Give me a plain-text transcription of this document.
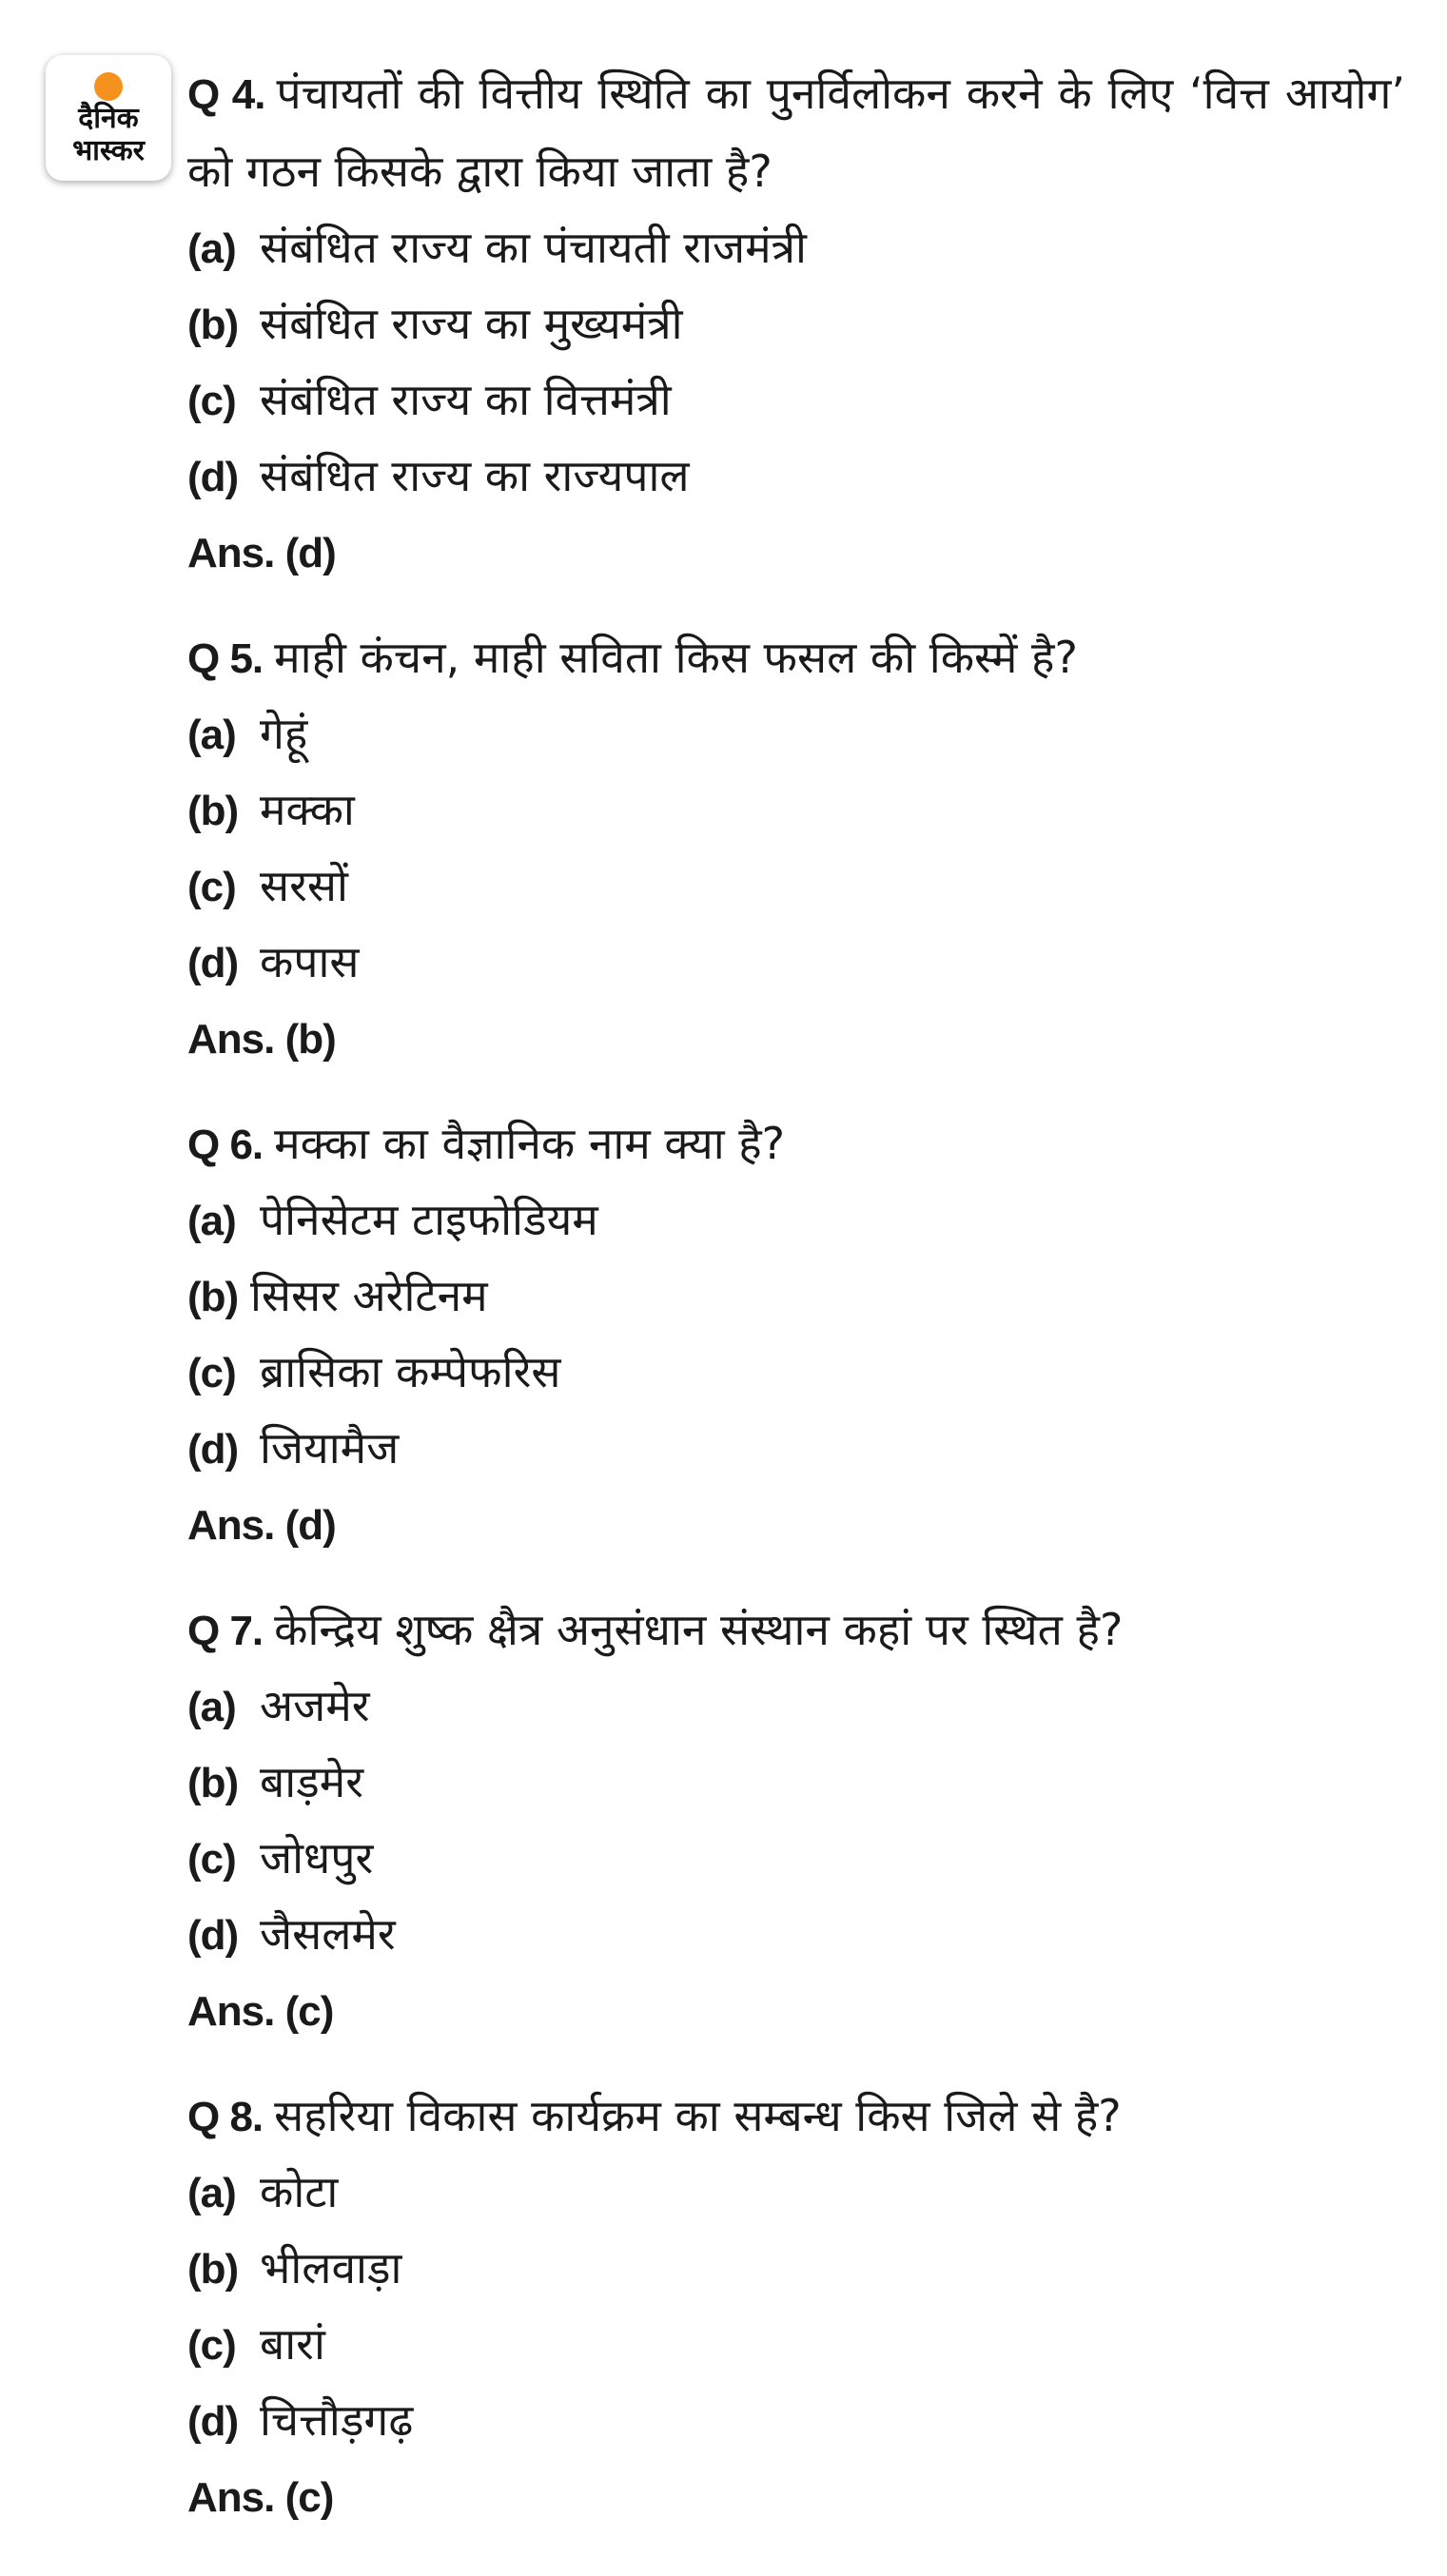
दैनिक
भास्कर
Q 4. पंचायतों की वित्तीय स्थिति का पुनर्विलोकन करने के लिए ‘वित्त आयोग’ को गठन किसके द्वारा किया जाता है?
(a) संबंधित राज्य का पंचायती राजमंत्री
(b) संबंधित राज्य का मुख्यमंत्री
(c) संबंधित राज्य का वित्तमंत्री
(d) संबंधित राज्य का राज्यपाल
Ans. (d)
Q 5. माही कंचन, माही सविता किस फसल की किस्में है?
(a) गेहूं
(b) मक्का
(c) सरसों
(d) कपास
Ans. (b)
Q 6. मक्का का वैज्ञानिक नाम क्या है?
(a) पेनिसेटम टाइफोडियम
(b) सिसर अरेटिनम
(c) ब्रासिका कम्पेफरिस
(d) जियामैज
Ans. (d)
Q 7. केन्द्रिय शुष्क क्षैत्र अनुसंधान संस्थान कहां पर स्थित है?
(a) अजमेर
(b) बाड़मेर
(c) जोधपुर
(d) जैसलमेर
Ans. (c)
Q 8. सहरिया विकास कार्यक्रम का सम्बन्ध किस जिले से है?
(a) कोटा
(b) भीलवाड़ा
(c) बारां
(d) चित्तौड़गढ़
Ans. (c)
